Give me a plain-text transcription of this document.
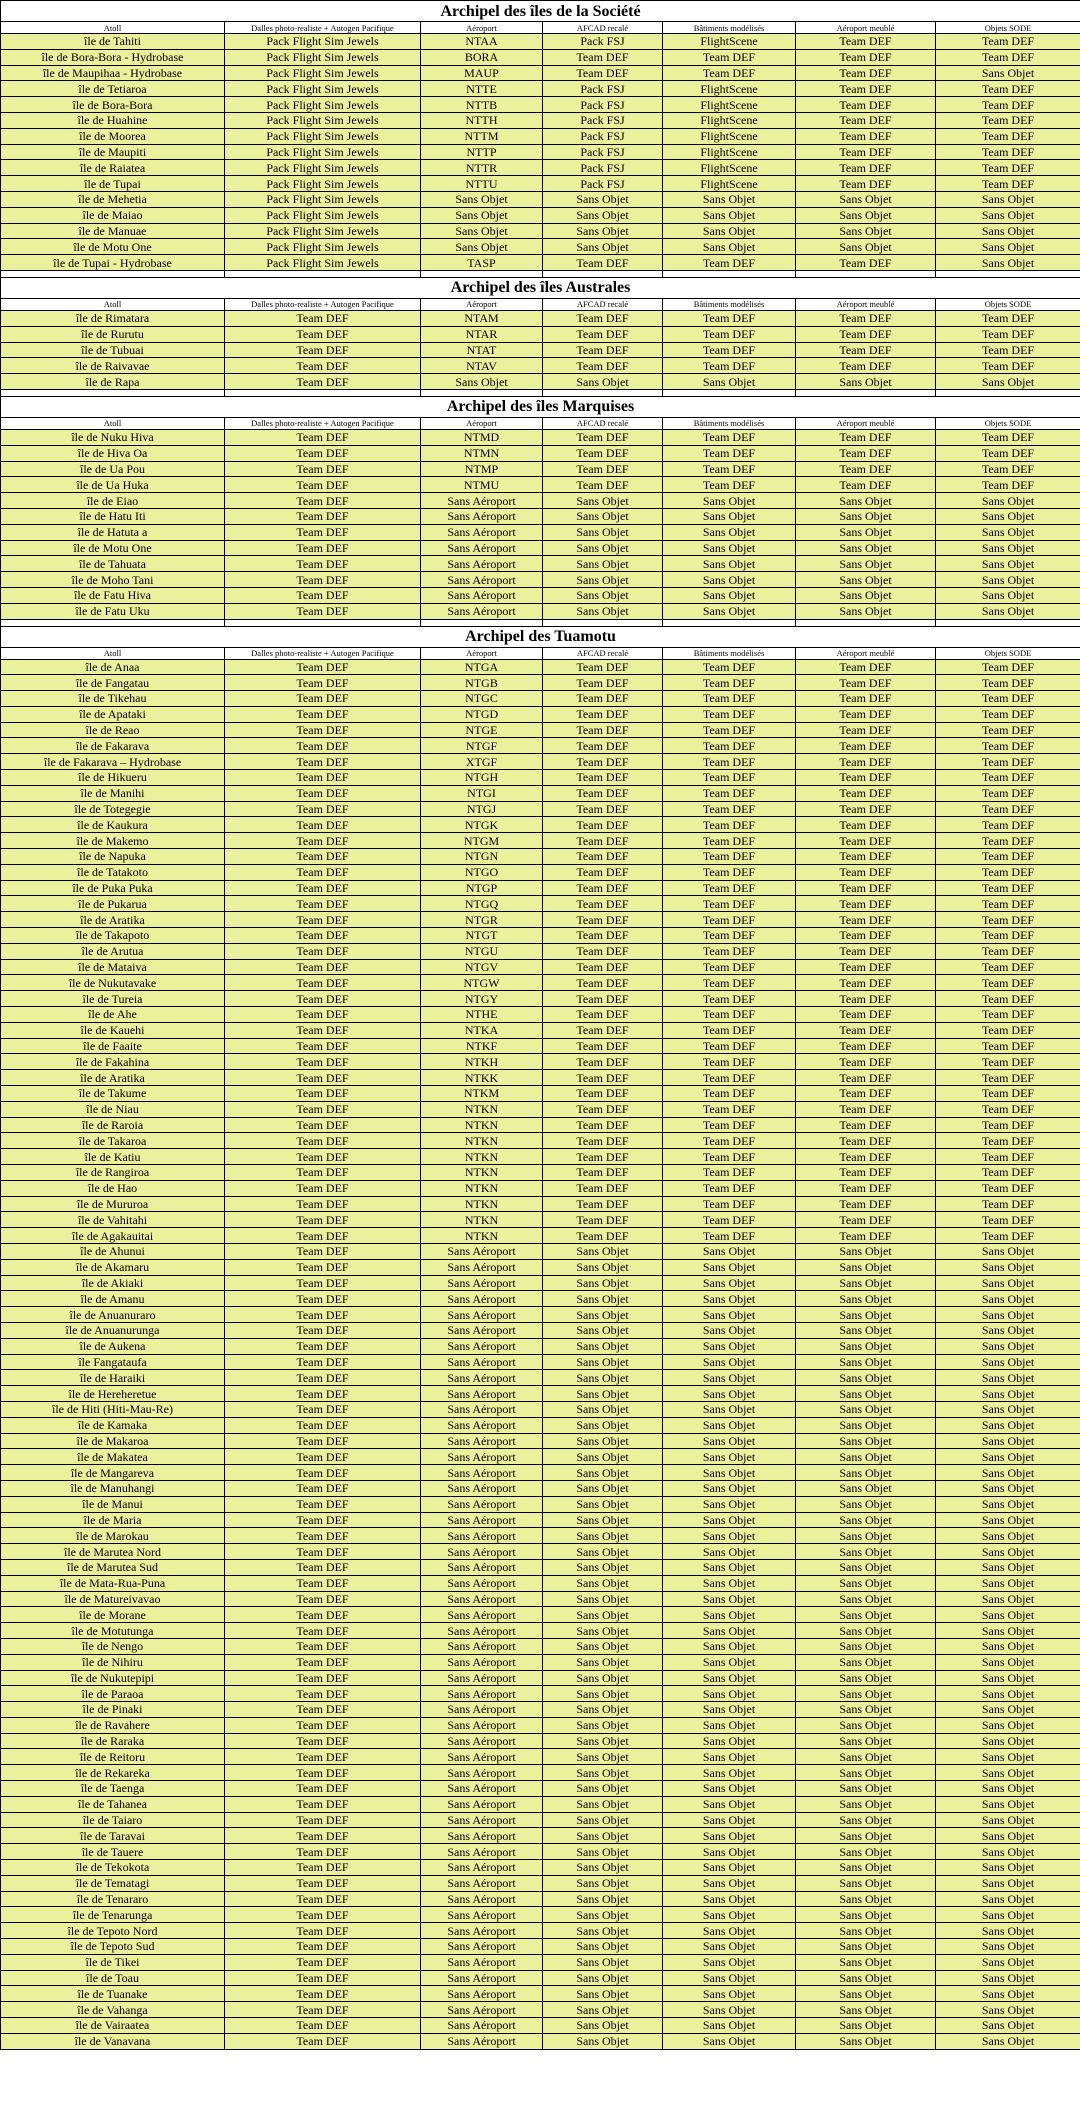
Archipel des îles de la Société						
Atoll	Dalles photo-realiste + Autogen Pacifique	Aéroport	AFCAD recalé	Bâtiments modélisés	Aéroport meublé	Objets SODE
île de Tahiti	Pack Flight Sim Jewels	NTAA	Pack FSJ	FlightScene	Team DEF	Team DEF
île de Bora-Bora - Hydrobase	Pack Flight Sim Jewels	BORA	Team DEF	Team DEF	Team DEF	Team DEF
île de Maupihaa - Hydrobase	Pack Flight Sim Jewels	MAUP	Team DEF	Team DEF	Team DEF	Sans Objet
île de Tetiaroa	Pack Flight Sim Jewels	NTTE	Pack FSJ	FlightScene	Team DEF	Team DEF
île de Bora-Bora	Pack Flight Sim Jewels	NTTB	Pack FSJ	FlightScene	Team DEF	Team DEF
île de Huahine	Pack Flight Sim Jewels	NTTH	Pack FSJ	FlightScene	Team DEF	Team DEF
île de Moorea	Pack Flight Sim Jewels	NTTM	Pack FSJ	FlightScene	Team DEF	Team DEF
île de Maupiti	Pack Flight Sim Jewels	NTTP	Pack FSJ	FlightScene	Team DEF	Team DEF
île de Raiatea	Pack Flight Sim Jewels	NTTR	Pack FSJ	FlightScene	Team DEF	Team DEF
île de Tupai	Pack Flight Sim Jewels	NTTU	Pack FSJ	FlightScene	Team DEF	Team DEF
île de Mehetia	Pack Flight Sim Jewels	Sans Objet	Sans Objet	Sans Objet	Sans Objet	Sans Objet
île de Maiao	Pack Flight Sim Jewels	Sans Objet	Sans Objet	Sans Objet	Sans Objet	Sans Objet
île de Manuae	Pack Flight Sim Jewels	Sans Objet	Sans Objet	Sans Objet	Sans Objet	Sans Objet
île de Motu One	Pack Flight Sim Jewels	Sans Objet	Sans Objet	Sans Objet	Sans Objet	Sans Objet
île de Tupai - Hydrobase	Pack Flight Sim Jewels	TASP	Team DEF	Team DEF	Team DEF	Sans Objet

Archipel des îles Australes						
Atoll	Dalles photo-realiste + Autogen Pacifique	Aéroport	AFCAD recalé	Bâtiments modélisés	Aéroport meublé	Objets SODE
île de Rimatara	Team DEF	NTAM	Team DEF	Team DEF	Team DEF	Team DEF
île de Rurutu	Team DEF	NTAR	Team DEF	Team DEF	Team DEF	Team DEF
île de Tubuai	Team DEF	NTAT	Team DEF	Team DEF	Team DEF	Team DEF
île de Raivavae	Team DEF	NTAV	Team DEF	Team DEF	Team DEF	Team DEF
île de Rapa	Team DEF	Sans Objet	Sans Objet	Sans Objet	Sans Objet	Sans Objet

Archipel des îles Marquises						
Atoll	Dalles photo-realiste + Autogen Pacifique	Aéroport	AFCAD recalé	Bâtiments modélisés	Aéroport meublé	Objets SODE
île de Nuku Hiva	Team DEF	NTMD	Team DEF	Team DEF	Team DEF	Team DEF
île de Hiva Oa	Team DEF	NTMN	Team DEF	Team DEF	Team DEF	Team DEF
île de Ua Pou	Team DEF	NTMP	Team DEF	Team DEF	Team DEF	Team DEF
île de Ua Huka	Team DEF	NTMU	Team DEF	Team DEF	Team DEF	Team DEF
île de Eiao	Team DEF	Sans Aéroport	Sans Objet	Sans Objet	Sans Objet	Sans Objet
île de Hatu Iti	Team DEF	Sans Aéroport	Sans Objet	Sans Objet	Sans Objet	Sans Objet
île de Hatuta a	Team DEF	Sans Aéroport	Sans Objet	Sans Objet	Sans Objet	Sans Objet
île de Motu One	Team DEF	Sans Aéroport	Sans Objet	Sans Objet	Sans Objet	Sans Objet
île de Tahuata	Team DEF	Sans Aéroport	Sans Objet	Sans Objet	Sans Objet	Sans Objet
île de Moho Tani	Team DEF	Sans Aéroport	Sans Objet	Sans Objet	Sans Objet	Sans Objet
île de Fatu Hiva	Team DEF	Sans Aéroport	Sans Objet	Sans Objet	Sans Objet	Sans Objet
île de Fatu Uku	Team DEF	Sans Aéroport	Sans Objet	Sans Objet	Sans Objet	Sans Objet

Archipel des Tuamotu						
Atoll	Dalles photo-realiste + Autogen Pacifique	Aéroport	AFCAD recalé	Bâtiments modélisés	Aéroport meublé	Objets SODE
île de Anaa	Team DEF	NTGA	Team DEF	Team DEF	Team DEF	Team DEF
île de Fangatau	Team DEF	NTGB	Team DEF	Team DEF	Team DEF	Team DEF
île de Tikehau	Team DEF	NTGC	Team DEF	Team DEF	Team DEF	Team DEF
île de Apataki	Team DEF	NTGD	Team DEF	Team DEF	Team DEF	Team DEF
île de Reao	Team DEF	NTGE	Team DEF	Team DEF	Team DEF	Team DEF
île de Fakarava	Team DEF	NTGF	Team DEF	Team DEF	Team DEF	Team DEF
île de Fakarava – Hydrobase	Team DEF	XTGF	Team DEF	Team DEF	Team DEF	Team DEF
île de Hikueru	Team DEF	NTGH	Team DEF	Team DEF	Team DEF	Team DEF
île de Manihi	Team DEF	NTGI	Team DEF	Team DEF	Team DEF	Team DEF
île de Totegegie	Team DEF	NTGJ	Team DEF	Team DEF	Team DEF	Team DEF
île de Kaukura	Team DEF	NTGK	Team DEF	Team DEF	Team DEF	Team DEF
île de Makemo	Team DEF	NTGM	Team DEF	Team DEF	Team DEF	Team DEF
île de Napuka	Team DEF	NTGN	Team DEF	Team DEF	Team DEF	Team DEF
île de Tatakoto	Team DEF	NTGO	Team DEF	Team DEF	Team DEF	Team DEF
île de Puka Puka	Team DEF	NTGP	Team DEF	Team DEF	Team DEF	Team DEF
île de Pukarua	Team DEF	NTGQ	Team DEF	Team DEF	Team DEF	Team DEF
île de Aratika	Team DEF	NTGR	Team DEF	Team DEF	Team DEF	Team DEF
île de Takapoto	Team DEF	NTGT	Team DEF	Team DEF	Team DEF	Team DEF
île de Arutua	Team DEF	NTGU	Team DEF	Team DEF	Team DEF	Team DEF
île de Mataiva	Team DEF	NTGV	Team DEF	Team DEF	Team DEF	Team DEF
île de Nukutavake	Team DEF	NTGW	Team DEF	Team DEF	Team DEF	Team DEF
île de Tureia	Team DEF	NTGY	Team DEF	Team DEF	Team DEF	Team DEF
île de Ahe	Team DEF	NTHE	Team DEF	Team DEF	Team DEF	Team DEF
île de Kauehi	Team DEF	NTKA	Team DEF	Team DEF	Team DEF	Team DEF
île de Faaite	Team DEF	NTKF	Team DEF	Team DEF	Team DEF	Team DEF
île de Fakahina	Team DEF	NTKH	Team DEF	Team DEF	Team DEF	Team DEF
île de Aratika	Team DEF	NTKK	Team DEF	Team DEF	Team DEF	Team DEF
île de Takume	Team DEF	NTKM	Team DEF	Team DEF	Team DEF	Team DEF
île de Niau	Team DEF	NTKN	Team DEF	Team DEF	Team DEF	Team DEF
île de Raroia	Team DEF	NTKN	Team DEF	Team DEF	Team DEF	Team DEF
île de Takaroa	Team DEF	NTKN	Team DEF	Team DEF	Team DEF	Team DEF
île de Katiu	Team DEF	NTKN	Team DEF	Team DEF	Team DEF	Team DEF
île de Rangiroa	Team DEF	NTKN	Team DEF	Team DEF	Team DEF	Team DEF
île de Hao	Team DEF	NTKN	Team DEF	Team DEF	Team DEF	Team DEF
île de Mururoa	Team DEF	NTKN	Team DEF	Team DEF	Team DEF	Team DEF
île de Vahitahi	Team DEF	NTKN	Team DEF	Team DEF	Team DEF	Team DEF
île de Agakauitai	Team DEF	NTKN	Team DEF	Team DEF	Team DEF	Team DEF
île de Ahunui	Team DEF	Sans Aéroport	Sans Objet	Sans Objet	Sans Objet	Sans Objet
île de Akamaru	Team DEF	Sans Aéroport	Sans Objet	Sans Objet	Sans Objet	Sans Objet
île de Akiaki	Team DEF	Sans Aéroport	Sans Objet	Sans Objet	Sans Objet	Sans Objet
île de Amanu	Team DEF	Sans Aéroport	Sans Objet	Sans Objet	Sans Objet	Sans Objet
île de Anuanuraro	Team DEF	Sans Aéroport	Sans Objet	Sans Objet	Sans Objet	Sans Objet
île de Anuanurunga	Team DEF	Sans Aéroport	Sans Objet	Sans Objet	Sans Objet	Sans Objet
île de Aukena	Team DEF	Sans Aéroport	Sans Objet	Sans Objet	Sans Objet	Sans Objet
île Fangataufa	Team DEF	Sans Aéroport	Sans Objet	Sans Objet	Sans Objet	Sans Objet
île de Haraiki	Team DEF	Sans Aéroport	Sans Objet	Sans Objet	Sans Objet	Sans Objet
île de Hereheretue	Team DEF	Sans Aéroport	Sans Objet	Sans Objet	Sans Objet	Sans Objet
île de Hiti (Hiti-Mau-Re)	Team DEF	Sans Aéroport	Sans Objet	Sans Objet	Sans Objet	Sans Objet
île de Kamaka	Team DEF	Sans Aéroport	Sans Objet	Sans Objet	Sans Objet	Sans Objet
île de Makaroa	Team DEF	Sans Aéroport	Sans Objet	Sans Objet	Sans Objet	Sans Objet
île de Makatea	Team DEF	Sans Aéroport	Sans Objet	Sans Objet	Sans Objet	Sans Objet
île de Mangareva	Team DEF	Sans Aéroport	Sans Objet	Sans Objet	Sans Objet	Sans Objet
île de Manuhangi	Team DEF	Sans Aéroport	Sans Objet	Sans Objet	Sans Objet	Sans Objet
île de Manui	Team DEF	Sans Aéroport	Sans Objet	Sans Objet	Sans Objet	Sans Objet
île de Maria	Team DEF	Sans Aéroport	Sans Objet	Sans Objet	Sans Objet	Sans Objet
île de Marokau	Team DEF	Sans Aéroport	Sans Objet	Sans Objet	Sans Objet	Sans Objet
île de Marutea Nord	Team DEF	Sans Aéroport	Sans Objet	Sans Objet	Sans Objet	Sans Objet
île de Marutea Sud	Team DEF	Sans Aéroport	Sans Objet	Sans Objet	Sans Objet	Sans Objet
île de Mata-Rua-Puna	Team DEF	Sans Aéroport	Sans Objet	Sans Objet	Sans Objet	Sans Objet
île de Matureivavao	Team DEF	Sans Aéroport	Sans Objet	Sans Objet	Sans Objet	Sans Objet
île de Morane	Team DEF	Sans Aéroport	Sans Objet	Sans Objet	Sans Objet	Sans Objet
île de Motutunga	Team DEF	Sans Aéroport	Sans Objet	Sans Objet	Sans Objet	Sans Objet
île de Nengo	Team DEF	Sans Aéroport	Sans Objet	Sans Objet	Sans Objet	Sans Objet
île de Nihiru	Team DEF	Sans Aéroport	Sans Objet	Sans Objet	Sans Objet	Sans Objet
île de Nukutepipi	Team DEF	Sans Aéroport	Sans Objet	Sans Objet	Sans Objet	Sans Objet
île de Paraoa	Team DEF	Sans Aéroport	Sans Objet	Sans Objet	Sans Objet	Sans Objet
île de Pinaki	Team DEF	Sans Aéroport	Sans Objet	Sans Objet	Sans Objet	Sans Objet
île de Ravahere	Team DEF	Sans Aéroport	Sans Objet	Sans Objet	Sans Objet	Sans Objet
île de Raraka	Team DEF	Sans Aéroport	Sans Objet	Sans Objet	Sans Objet	Sans Objet
île de Reitoru	Team DEF	Sans Aéroport	Sans Objet	Sans Objet	Sans Objet	Sans Objet
île de Rekareka	Team DEF	Sans Aéroport	Sans Objet	Sans Objet	Sans Objet	Sans Objet
île de Taenga	Team DEF	Sans Aéroport	Sans Objet	Sans Objet	Sans Objet	Sans Objet
île de Tahanea	Team DEF	Sans Aéroport	Sans Objet	Sans Objet	Sans Objet	Sans Objet
île de Taiaro	Team DEF	Sans Aéroport	Sans Objet	Sans Objet	Sans Objet	Sans Objet
île de Taravai	Team DEF	Sans Aéroport	Sans Objet	Sans Objet	Sans Objet	Sans Objet
île de Tauere	Team DEF	Sans Aéroport	Sans Objet	Sans Objet	Sans Objet	Sans Objet
île de Tekokota	Team DEF	Sans Aéroport	Sans Objet	Sans Objet	Sans Objet	Sans Objet
île de Tematagi	Team DEF	Sans Aéroport	Sans Objet	Sans Objet	Sans Objet	Sans Objet
île de Tenararo	Team DEF	Sans Aéroport	Sans Objet	Sans Objet	Sans Objet	Sans Objet
île de Tenarunga	Team DEF	Sans Aéroport	Sans Objet	Sans Objet	Sans Objet	Sans Objet
île de Tepoto Nord	Team DEF	Sans Aéroport	Sans Objet	Sans Objet	Sans Objet	Sans Objet
île de Tepoto Sud	Team DEF	Sans Aéroport	Sans Objet	Sans Objet	Sans Objet	Sans Objet
île de Tikei	Team DEF	Sans Aéroport	Sans Objet	Sans Objet	Sans Objet	Sans Objet
île de Toau	Team DEF	Sans Aéroport	Sans Objet	Sans Objet	Sans Objet	Sans Objet
île de Tuanake	Team DEF	Sans Aéroport	Sans Objet	Sans Objet	Sans Objet	Sans Objet
île de Vahanga	Team DEF	Sans Aéroport	Sans Objet	Sans Objet	Sans Objet	Sans Objet
île de Vairaatea	Team DEF	Sans Aéroport	Sans Objet	Sans Objet	Sans Objet	Sans Objet
île de Vanavana	Team DEF	Sans Aéroport	Sans Objet	Sans Objet	Sans Objet	Sans Objet
